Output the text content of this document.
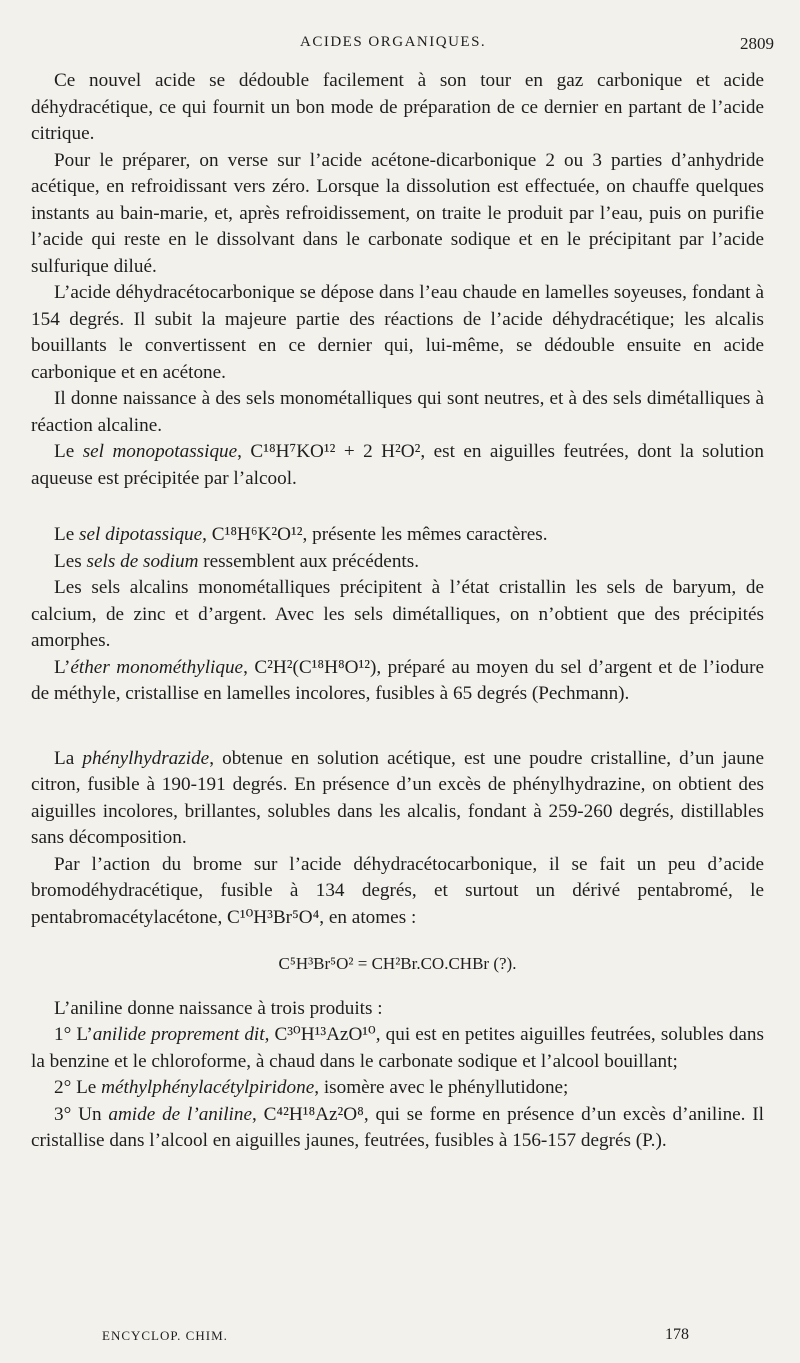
ACIDES ORGANIQUES.	2809

Ce nouvel acide se dédouble facilement à son tour en gaz carbonique et acide déhydracétique, ce qui fournit un bon mode de préparation de ce dernier en partant de l’acide citrique.

Pour le préparer, on verse sur l’acide acétone-dicarbonique 2 ou 3 parties d’anhydride acétique, en refroidissant vers zéro. Lorsque la dissolution est effectuée, on chauffe quelques instants au bain-marie, et, après refroidissement, on traite le produit par l’eau, puis on purifie l’acide qui reste en le dissolvant dans le carbonate sodique et en le précipitant par l’acide sulfurique dilué.

L’acide déhydracétocarbonique se dépose dans l’eau chaude en lamelles soyeuses, fondant à 154 degrés. Il subit la majeure partie des réactions de l’acide déhydracétique; les alcalis bouillants le convertissent en ce dernier qui, lui-même, se dédouble ensuite en acide carbonique et en acétone.

Il donne naissance à des sels monométalliques qui sont neutres, et à des sels dimétalliques à réaction alcaline.

Le sel monopotassique, C¹⁸H⁷KO¹² + 2 H²O², est en aiguilles feutrées, dont la solution aqueuse est précipitée par l’alcool.

Le sel dipotassique, C¹⁸H⁶K²O¹², présente les mêmes caractères.

Les sels de sodium ressemblent aux précédents.

Les sels alcalins monométalliques précipitent à l’état cristallin les sels de baryum, de calcium, de zinc et d’argent. Avec les sels dimétalliques, on n’obtient que des précipités amorphes.

L’éther monométhylique, C²H²(C¹⁸H⁸O¹²), préparé au moyen du sel d’argent et de l’iodure de méthyle, cristallise en lamelles incolores, fusibles à 65 degrés (Pechmann).

La phénylhydrazide, obtenue en solution acétique, est une poudre cristalline, d’un jaune citron, fusible à 190-191 degrés. En présence d’un excès de phénylhydrazine, on obtient des aiguilles incolores, brillantes, solubles dans les alcalis, fondant à 259-260 degrés, distillables sans décomposition.

Par l’action du brome sur l’acide déhydracétocarbonique, il se fait un peu d’acide bromodéhydracétique, fusible à 134 degrés, et surtout un dérivé pentabromé, le pentabromacétylacétone, C¹⁰H³Br⁵O⁴, en atomes :

C⁵H³Br⁵O² = CH²Br.CO.CHBr (?).

L’aniline donne naissance à trois produits :

1° L’anilide proprement dit, C³⁰H¹³AzO¹⁰, qui est en petites aiguilles feutrées, solubles dans la benzine et le chloroforme, à chaud dans le carbonate sodique et l’alcool bouillant;

2° Le méthylphénylacétylpiridone, isomère avec le phényllutidone;

3° Un amide de l’aniline, C⁴²H¹⁸Az²O⁸, qui se forme en présence d’un excès d’aniline. Il cristallise dans l’alcool en aiguilles jaunes, feutrées, fusibles à 156-157 degrés (P.).

ENCYCLOP. CHIM.	178
